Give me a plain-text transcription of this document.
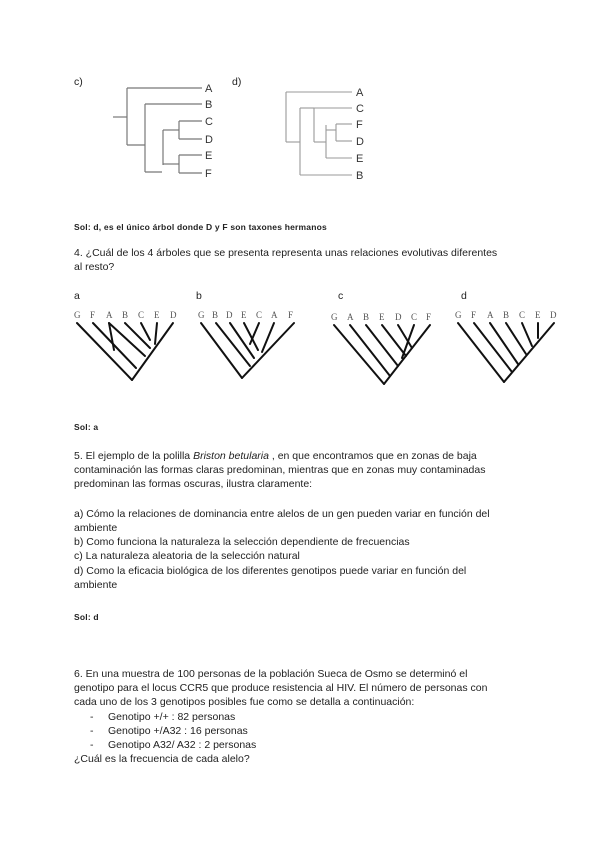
c)	d)
A
B
C
D
E
F
A
C
F
D
E
B
Sol: d, es el único árbol donde D y F son taxones hermanos
4. ¿Cuál de los 4 árboles que se presenta representa unas relaciones evolutivas diferentes
al resto?
a	b	c	d
G F A B C E D G B D E C A F	G A B E D C F	G F A B C E D
Sol: a
5. El ejemplo de la polilla Briston betularia , en que encontramos que en zonas de baja
contaminación las formas claras predominan, mientras que en zonas muy contaminadas
predominan las formas oscuras, ilustra claramente:
a) Cómo la relaciones de dominancia entre alelos de un gen pueden variar en función del
ambiente
b) Como funciona la naturaleza la selección dependiente de frecuencias
c) La naturaleza aleatoria de la selección natural
d) Como la eficacia biológica de los diferentes genotipos puede variar en función del
ambiente
Sol: d
6. En una muestra de 100 personas de la población Sueca de Osmo se determinó el
genotipo para el locus CCR5 que produce resistencia al HIV. El número de personas con
cada uno de los 3 genotipos posibles fue como se detalla a continuación:
- Genotipo +/+ : 82 personas
- Genotipo +/A32 : 16 personas
- Genotipo A32/ A32 : 2 personas
¿Cuál es la frecuencia de cada alelo?
